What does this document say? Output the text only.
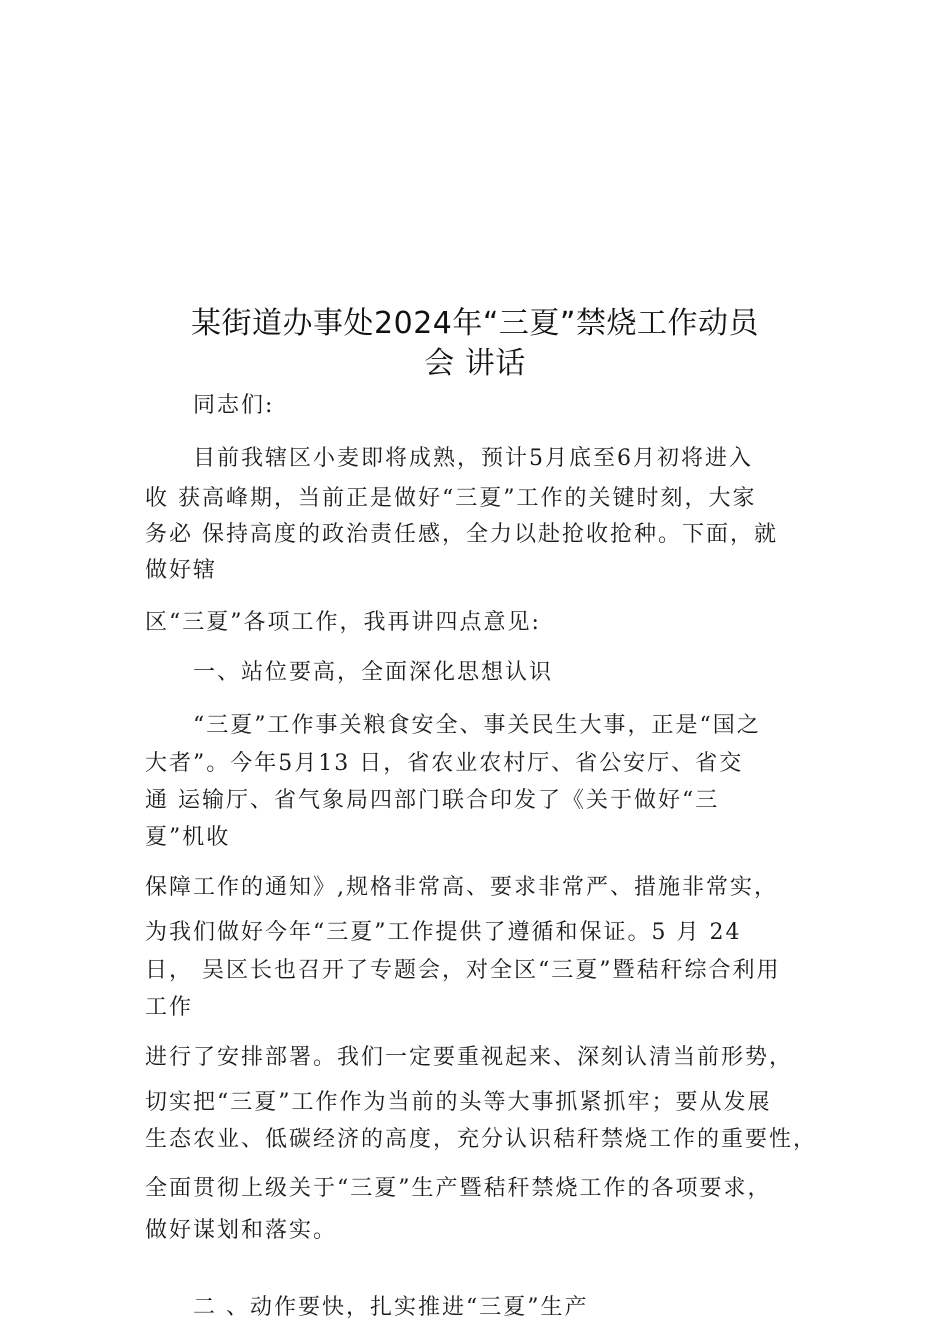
某街道办事处2024年“三夏”禁烧工作动员
会 讲话
同志们:
目前我辖区小麦即将成熟，预计5月底至6月初将进入
收 获高峰期，当前正是做好“三夏”工作的关键时刻，大家
务必 保持高度的政治责任感，全力以赴抢收抢种。下面，就
做好辖
区“三夏”各项工作，我再讲四点意见:
一、站位要高，全面深化思想认识
“三夏”工作事关粮食安全、事关民生大事，正是“国之
大者”。今年5月13 日，省农业农村厅、省公安厅、省交
通 运输厅、省气象局四部门联合印发了《关于做好“三
夏”机收
保障工作的通知》,规格非常高、要求非常严、措施非常实，
为我们做好今年“三夏”工作提供了遵循和保证。5 月 24
日， 吴区长也召开了专题会，对全区“三夏”暨秸秆综合利用
工作
进行了安排部署。我们一定要重视起来、深刻认清当前形势，
切实把“三夏”工作作为当前的头等大事抓紧抓牢；要从发展
生态农业、低碳经济的高度，充分认识秸秆禁烧工作的重要性，
全面贯彻上级关于“三夏”生产暨秸秆禁烧工作的各项要求，
做好谋划和落实。
二 、动作要快，扎实推进“三夏”生产
